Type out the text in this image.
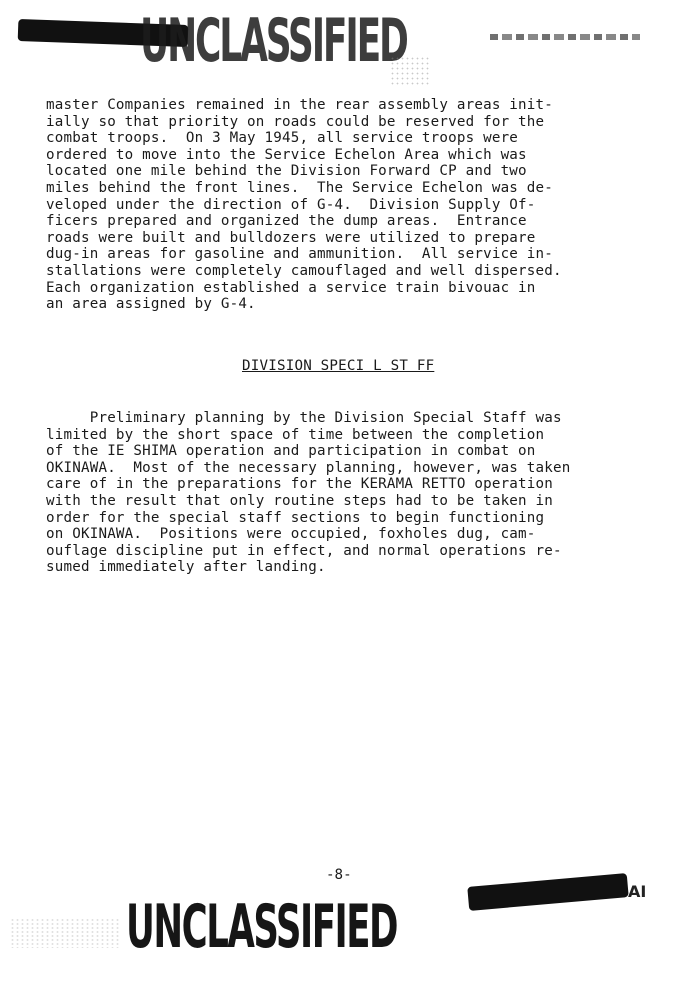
UNCLASSIFIED
master Companies remained in the rear assembly areas init-
ially so that priority on roads could be reserved for the
combat troops.  On 3 May 1945, all service troops were
ordered to move into the Service Echelon Area which was
located one mile behind the Division Forward CP and two
miles behind the front lines.  The Service Echelon was de-
veloped under the direction of G-4.  Division Supply Of-
ficers prepared and organized the dump areas.  Entrance
roads were built and bulldozers were utilized to prepare
dug-in areas for gasoline and ammunition.  All service in-
stallations were completely camouflaged and well dispersed.
Each organization established a service train bivouac in
an area assigned by G-4.
DIVISION SPECI L ST FF
Preliminary planning by the Division Special Staff was
limited by the short space of time between the completion
of the IE SHIMA operation and participation in combat on
OKINAWA.  Most of the necessary planning, however, was taken
care of in the preparations for the KERAMA RETTO operation
with the result that only routine steps had to be taken in
order for the special staff sections to begin functioning
on OKINAWA.  Positions were occupied, foxholes dug, cam-
ouflage discipline put in effect, and normal operations re-
sumed immediately after landing.
-8-
AI
UNCLASSIFIED
